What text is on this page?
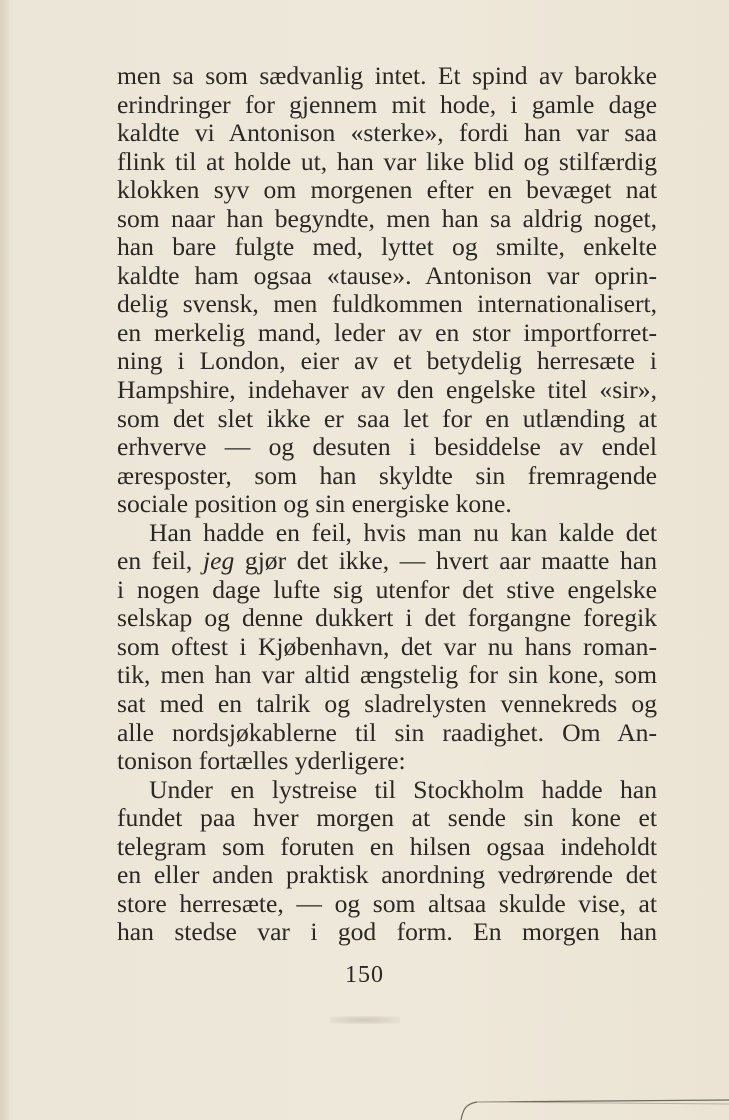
men sa som sædvanlig intet. Et spind av barokke
erindringer for gjennem mit hode, i gamle dage
kaldte vi Antonison «sterke», fordi han var saa
flink til at holde ut, han var like blid og stilfærdig
klokken syv om morgenen efter en bevæget nat
som naar han begyndte, men han sa aldrig noget,
han bare fulgte med, lyttet og smilte, enkelte
kaldte ham ogsaa «tause». Antonison var oprin-
delig svensk, men fuldkommen internationalisert,
en merkelig mand, leder av en stor importforret-
ning i London, eier av et betydelig herresæte i
Hampshire, indehaver av den engelske titel «sir»,
som det slet ikke er saa let for en utlænding at
erhverve — og desuten i besiddelse av endel
æresposter, som han skyldte sin fremragende
sociale position og sin energiske kone.
Han hadde en feil, hvis man nu kan kalde det
en feil, jeg gjør det ikke, — hvert aar maatte han
i nogen dage lufte sig utenfor det stive engelske
selskap og denne dukkert i det forgangne foregik
som oftest i Kjøbenhavn, det var nu hans roman-
tik, men han var altid ængstelig for sin kone, som
sat med en talrik og sladrelysten vennekreds og
alle nordsjøkablerne til sin raadighet. Om An-
tonison fortælles yderligere:
Under en lystreise til Stockholm hadde han
fundet paa hver morgen at sende sin kone et
telegram som foruten en hilsen ogsaa indeholdt
en eller anden praktisk anordning vedrørende det
store herresæte, — og som altsaa skulde vise, at
han stedse var i god form. En morgen han
150
